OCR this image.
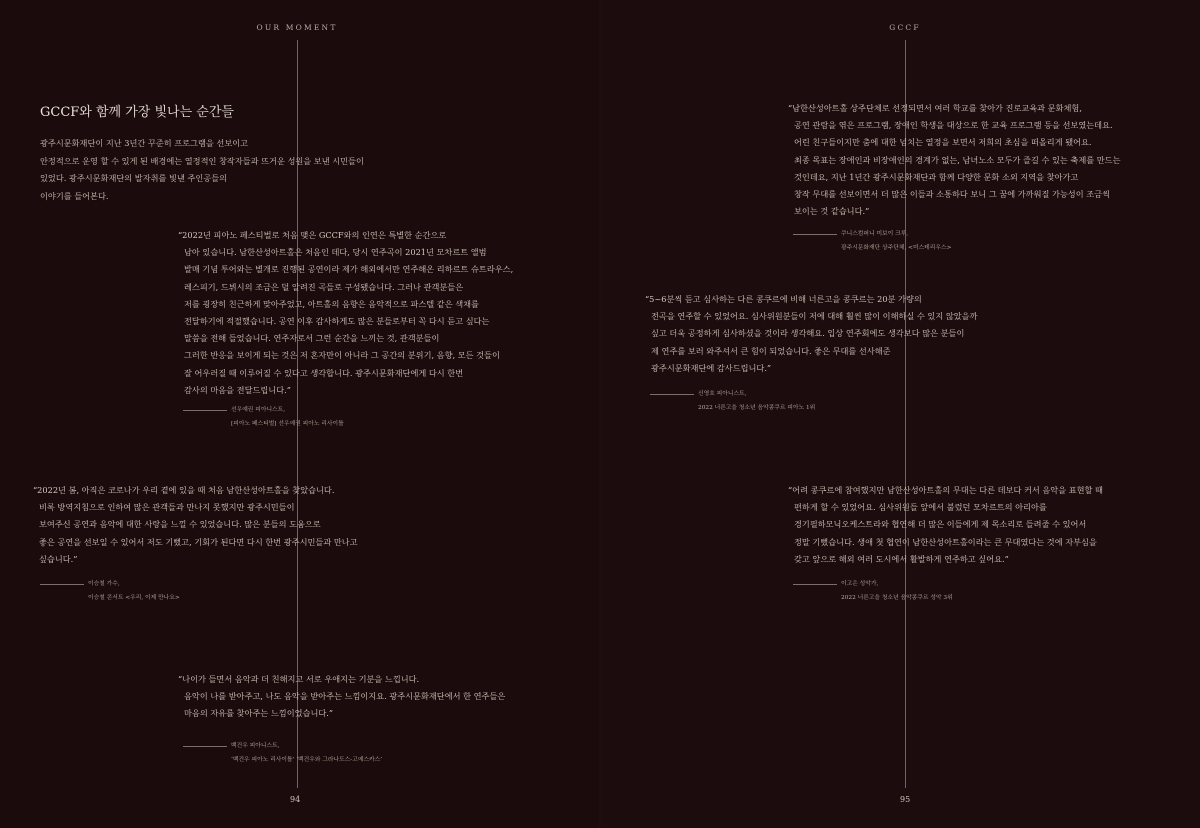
OUR MOMENT
GCCF와 함께 가장 빛나는 순간들
광주시문화재단이 지난 3년간 꾸준히 프로그램을 선보이고
안정적으로 운영 할 수 있게 된 배경에는 열정적인 창작자들과 뜨거운 성원을 보낸 시민들이
있었다. 광주시문화재단의 발자취를 빛낸 주인공들의
이야기를 들어본다.
“2022년 피아노 페스티벌로 처음 맺은 GCCF와의 인연은 특별한 순간으로
남아 있습니다. 남한산성아트홀은 처음인 데다, 당시 연주곡이 2021년 모차르트 앨범
발매 기념 투어와는 별개로 진행된 공연이라 제가 해외에서만 연주해온 리하르트 슈트라우스,
레스피기, 드뷔시의 조금은 덜 알려진 곡들로 구성됐습니다. 그러나 관객분들은
저를 굉장히 친근하게 맞아주었고, 아트홀의 음향은 음악적으로 파스텔 같은 색채를
전달하기에 적절했습니다. 공연 이후 감사하게도 많은 분들로부터 꼭 다시 듣고 싶다는
말씀을 전해 들었습니다. 연주자로서 그런 순간을 느끼는 것, 관객분들이
그러한 반응을 보이게 되는 것은 저 혼자만이 아니라 그 공간의 분위기, 음향, 모든 것들이
잘 어우러질 때 이루어질 수 있다고 생각합니다. 광주시문화재단에게 다시 한번
감사의 마음을 전달드립니다.”
선우예권 피아니스트,
[피아노 페스티벌] 선우예권 피아노 리사이틀
“2022년 봄, 아직은 코로나가 우리 곁에 있을 때 처음 남한산성아트홀을 찾았습니다.
비록 방역지침으로 인하여 많은 관객들과 만나지 못했지만 광주시민들이
보여주신 공연과 음악에 대한 사랑을 느낄 수 있었습니다. 많은 분들의 도움으로
좋은 공연을 선보일 수 있어서 저도 기뻤고, 기회가 된다면 다시 한번 광주시민들과 만나고
싶습니다.”
이승철 가수,
이승철 콘서트 <우리, 이제 만나요>
“나이가 들면서 음악과 더 친해지고 서로 우애지는 기분을 느낍니다.
음악이 나를 받아주고, 나도 음악을 받아주는 느낌이지요. 광주시문화재단에서 한 연주들은
마음의 자유를 찾아주는 느낌이었습니다.”
백건우 피아니스트,
‘백건우 피아노 리사이틀’ ‘백건우와 그라나도스-고예스카스’
94
GCCF
“남한산성아트홀 상주단체로 선정되면서 여러 학교를 찾아가 진로교육과 문화체험,
공연 관람을 엮은 프로그램, 장애인 학생을 대상으로 한 교육 프로그램 등을 선보였는데요.
어린 친구들이지만 춤에 대한 넘치는 열정을 보면서 저희의 초심을 떠올리게 됐어요.
최종 목표는 장애인과 비장애인의 경계가 없는, 남녀노소 모두가 즐길 수 있는 축제를 만드는
것인데요, 지난 1년간 광주시문화재단과 함께 다양한 문화 소외 지역을 찾아가고
창작 무대를 선보이면서 더 많은 이들과 소통하다 보니 그 꿈에 가까워질 가능성이 조금씩
보이는 것 같습니다.”
쿠니스컴퍼니 미보이 크루,
광주시문화재단 상주단체, <미스테리우스>
“5~6분씩 듣고 심사하는 다른 콩쿠르에 비해 너른고을 콩쿠르는 20분 가량의
전곡을 연주할 수 있었어요. 심사위원분들이 저에 대해 훨씬 많이 이해하실 수 있지 않았을까
싶고 더욱 공정하게 심사하셨을 것이라 생각해요. 입상 연주회에도 생각보다 많은 분들이
제 연주를 보러 와주셔서 큰 힘이 되었습니다. 좋은 무대를 선사해준
광주시문화재단에 감사드립니다.”
신영호 피아니스트,
2022 너른고을 청소년 음악콩쿠르 피아노 1위
“어려 콩쿠르에 참여했지만 남한산성아트홀의 무대는 다른 데보다 커서 음악을 표현할 때
편하게 할 수 있었어요. 심사위원들 앞에서 불렀던 모차르트의 아리아를
경기필하모닉오케스트라와 협연해 더 많은 이들에게 제 목소리로 들려줄 수 있어서
정말 기뻤습니다. 생애 첫 협연이 남한산성아트홀이라는 큰 무대였다는 것에 자부심을
갖고 앞으로 해외 여러 도시에서 활발하게 연주하고 싶어요.”
이고은 성악가,
2022 너른고을 청소년 음악콩쿠르 성악 3위
95
